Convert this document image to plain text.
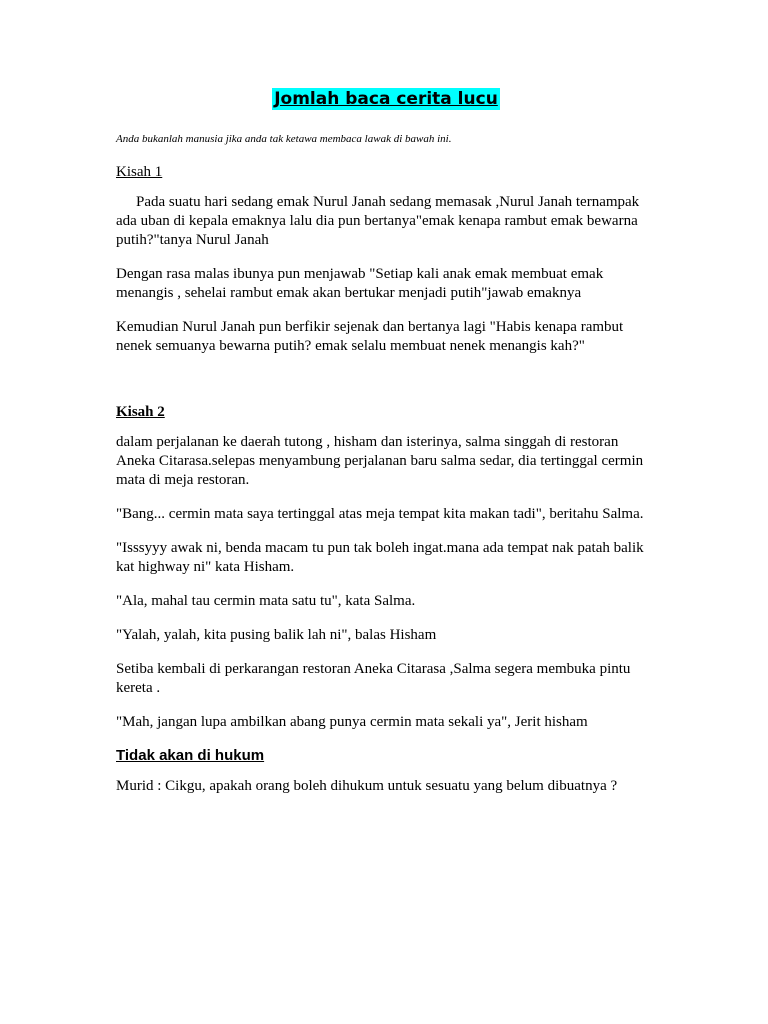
Jomlah baca cerita lucu

Anda bukanlah manusia jika anda tak ketawa membaca lawak di bawah ini.

Kisah 1

Pada suatu hari sedang emak Nurul Janah sedang memasak ,Nurul Janah ternampak ada uban di kepala emaknya lalu dia pun bertanya"emak kenapa rambut emak bewarna putih?"tanya Nurul Janah

Dengan rasa malas ibunya pun menjawab "Setiap kali anak emak membuat emak menangis , sehelai rambut emak akan bertukar menjadi putih"jawab emaknya

Kemudian Nurul Janah pun berfikir sejenak dan bertanya lagi "Habis kenapa rambut nenek semuanya bewarna putih? emak selalu membuat nenek menangis kah?"

Kisah 2

dalam perjalanan ke daerah tutong , hisham dan isterinya, salma singgah di restoran Aneka Citarasa.selepas menyambung perjalanan baru salma sedar, dia tertinggal cermin mata di meja restoran.

"Bang... cermin mata saya tertinggal atas meja tempat kita makan tadi", beritahu Salma.

"Isssyyy awak ni, benda macam tu pun tak boleh ingat.mana ada tempat nak patah balik kat highway ni" kata Hisham.

"Ala, mahal tau cermin mata satu tu", kata Salma.

"Yalah, yalah, kita pusing balik lah ni", balas Hisham

Setiba kembali di perkarangan restoran Aneka Citarasa ,Salma segera membuka pintu kereta .

"Mah, jangan lupa ambilkan abang punya cermin mata sekali ya", Jerit hisham

Tidak akan di hukum

Murid : Cikgu, apakah orang boleh dihukum untuk sesuatu yang belum dibuatnya ?
